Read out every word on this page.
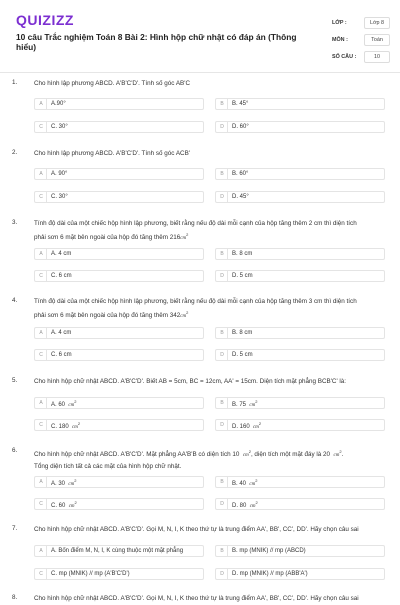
QUIZIZZ
10 câu Trắc nghiệm Toán 8 Bài 2: Hình hộp chữ nhật có đáp án (Thông hiểu)
LỚP :	Lớp 8
MÔN :	Toán
SỐ CÂU :	10
1.	Cho hình lập phương ABCD. A'B'C'D'. Tính số góc AB'C
A	A.90°	B	B. 45°
C	C. 30°	D	D. 60°
2.	Cho hình lập phương ABCD. A'B'C'D'. Tính số góc ACB'
A	A. 90°	B	B. 60°
C	C. 30°	D	D. 45°
3.	Tính độ dài của một chiếc hộp hình lập phương, biết rằng nếu độ dài mỗi cạnh của hộp tăng thêm 2 cm thì diện tích
phải sơn 6 mặt bên ngoài của hộp đó tăng thêm $216cm^2$
A	A. 4 cm	B	B. 8 cm
C	C. 6 cm	D	D. 5 cm
4.	Tính độ dài của một chiếc hộp hình lập phương, biết rằng nếu độ dài mỗi cạnh của hộp tăng thêm 3 cm thì diện tích
phải sơn 6 mặt bên ngoài của hộp đó tăng thêm $342cm^2$
A	A. 4 cm	B	B. 8 cm
C	C. 6 cm	D	D. 5 cm
5.	Cho hình hộp chữ nhật ABCD. A'B'C'D'. Biết AB = 5cm, BC = 12cm, AA' = 15cm. Diện tích mặt phẳng BCB'C' là:
A	A. 60 $cm^2$	B	B. 75 $cm^2$
C	C. 180 $cm^2$	D	D. 160 $cm^2$
6.
Cho hình hộp chữ nhật ABCD. A'B'C'D'. Mặt phẳng AA'B'B có diện tích 10 $cm^2$, diện tích một mặt đáy là 20 $cm^2$.
Tổng diện tích tất cả các mặt của hình hộp chữ nhật.
A	A. 30 $cm^2$	B	B. 40 $cm^2$
C	C. 60 $cm^2$	D	D. 80 $cm^2$
7.	Cho hình hộp chữ nhật ABCD. A'B'C'D'. Gọi M, N, I, K theo thứ tự là trung điểm AA', BB', CC', DD'. Hãy chọn câu sai
A	A. Bốn điểm M, N, I, K cùng thuộc một mặt phẳng	B	B. mp (MNIK) // mp (ABCD)
C	C. mp (MNIK) // mp (A'B'C'D')	D	D. mp (MNIK) // mp (ABB'A')
8.	Cho hình hộp chữ nhật ABCD. A'B'C'D'. Gọi M, N, I, K theo thứ tự là trung điểm AA', BB', CC', DD'. Hãy chọn câu sai
